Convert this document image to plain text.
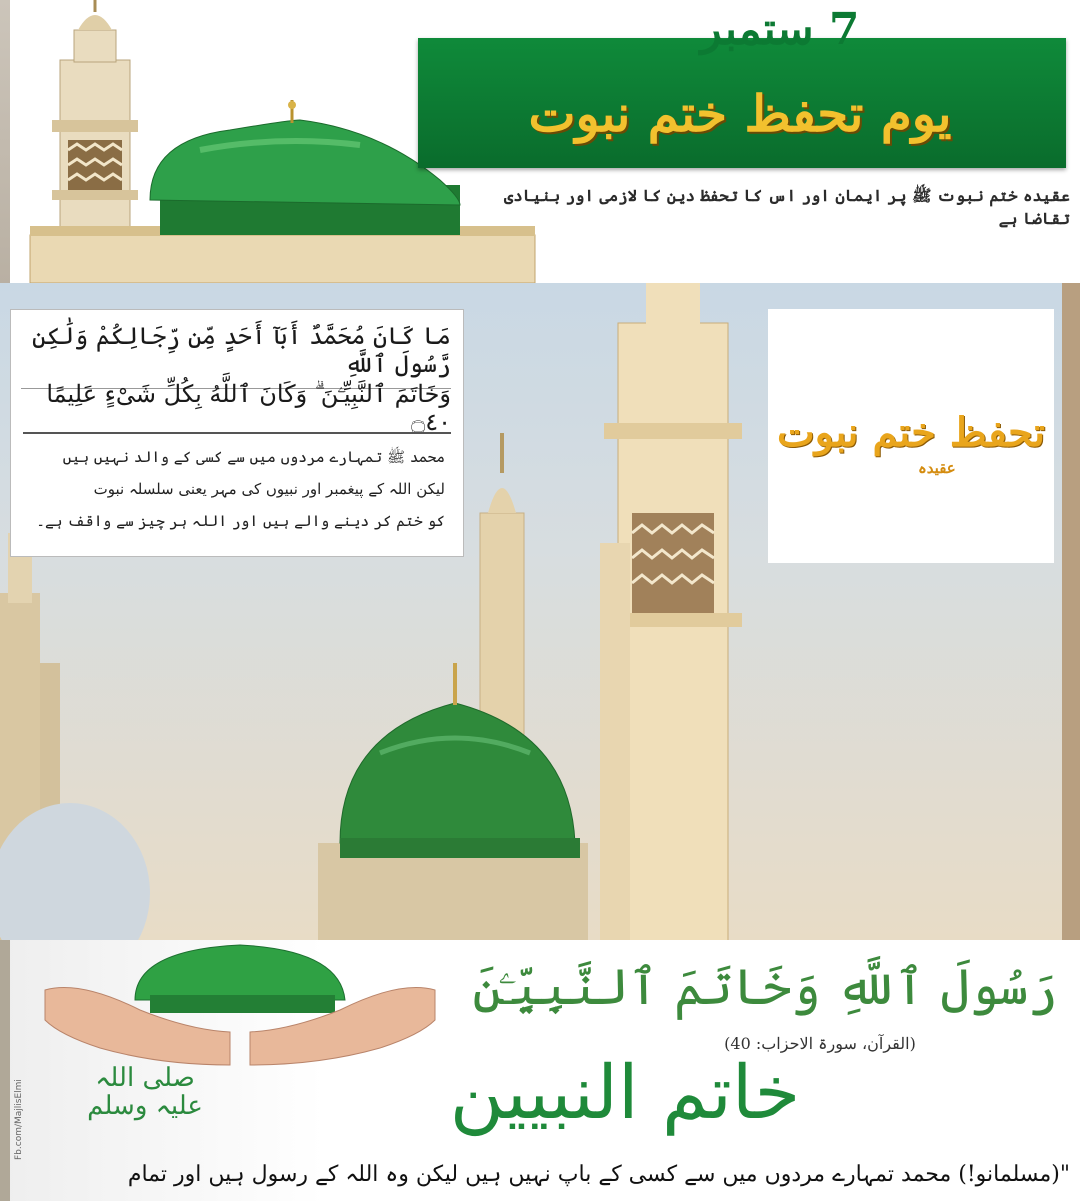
7 ستمبر
یوم تحفظ ختم نبوت
عقیدہ ختم نبوت ﷺ پر ایمان اور اس کا تحفظ دین کا لازمی اور بنیادی تقاضا ہے
مَا كَانَ مُحَمَّدٌ أَبَآ أَحَدٍ مِّن رِّجَالِكُمْ وَلَٰكِن رَّسُولَ ٱللَّهِ
وَخَاتَمَ ٱلنَّبِيِّـۧنَ ۗ وَكَانَ ٱللَّهُ بِكُلِّ شَىْءٍ عَلِيمًا ۝٤٠
محمد ﷺ تمہارے مردوں میں سے کسی کے والد نہیں ہیں
لیکن اللہ کے پیغمبر اور نبیوں کی مہر یعنی سلسلہ نبوت
کو ختم کر دینے والے ہیں اور اللہ ہر چیز سے واقف ہے۔
تحفظ ختم نبوت
عقیدہ
Fb.com/MajlisElmi
رَسُولَ ٱللَّهِ وَخَاتَمَ ٱلنَّبِيِّـۧنَ
(القرآن، سورۃ الاحزاب: 40)
خاتم النبیین
صلی اللہ علیہ وسلم
"(مسلمانو!) محمد تمہارے مردوں میں سے کسی کے باپ نہیں ہیں لیکن وہ اللہ کے رسول ہیں اور تمام
